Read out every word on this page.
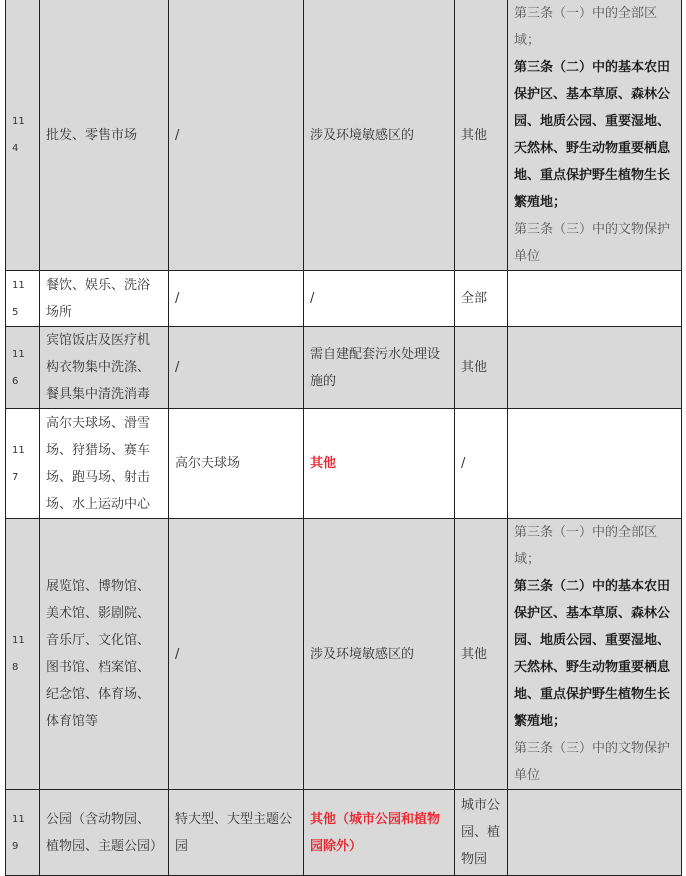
11
4	批发、零售市场	/	涉及环境敏感区的	其他	第三条（一）中的全部区域；
第三条（二）中的基本农田保护区、基本草原、森林公园、地质公园、重要湿地、天然林、野生动物重要栖息地、重点保护野生植物生长繁殖地；
第三条（三）中的文物保护单位

11
5	餐饮、娱乐、洗浴场所	/	/	全部	
11
6	宾馆饭店及医疗机构衣物集中洗涤、餐具集中清洗消毒	/	需自建配套污水处理设施的	其他	
11
7	高尔夫球场、滑雪场、狩猎场、赛车场、跑马场、射击场、水上运动中心	高尔夫球场	其他	/	
11
8	展览馆、博物馆、美术馆、影剧院、音乐厅、文化馆、图书馆、档案馆、纪念馆、体育场、体育馆等	/	涉及环境敏感区的	其他	第三条（一）中的全部区域；
第三条（二）中的基本农田保护区、基本草原、森林公园、地质公园、重要湿地、天然林、野生动物重要栖息地、重点保护野生植物生长繁殖地；
第三条（三）中的文物保护单位

11
9	公园（含动物园、植物园、主题公园）	特大型、大型主题公园	其他（城市公园和植物园除外）	城市公园、植物园	
